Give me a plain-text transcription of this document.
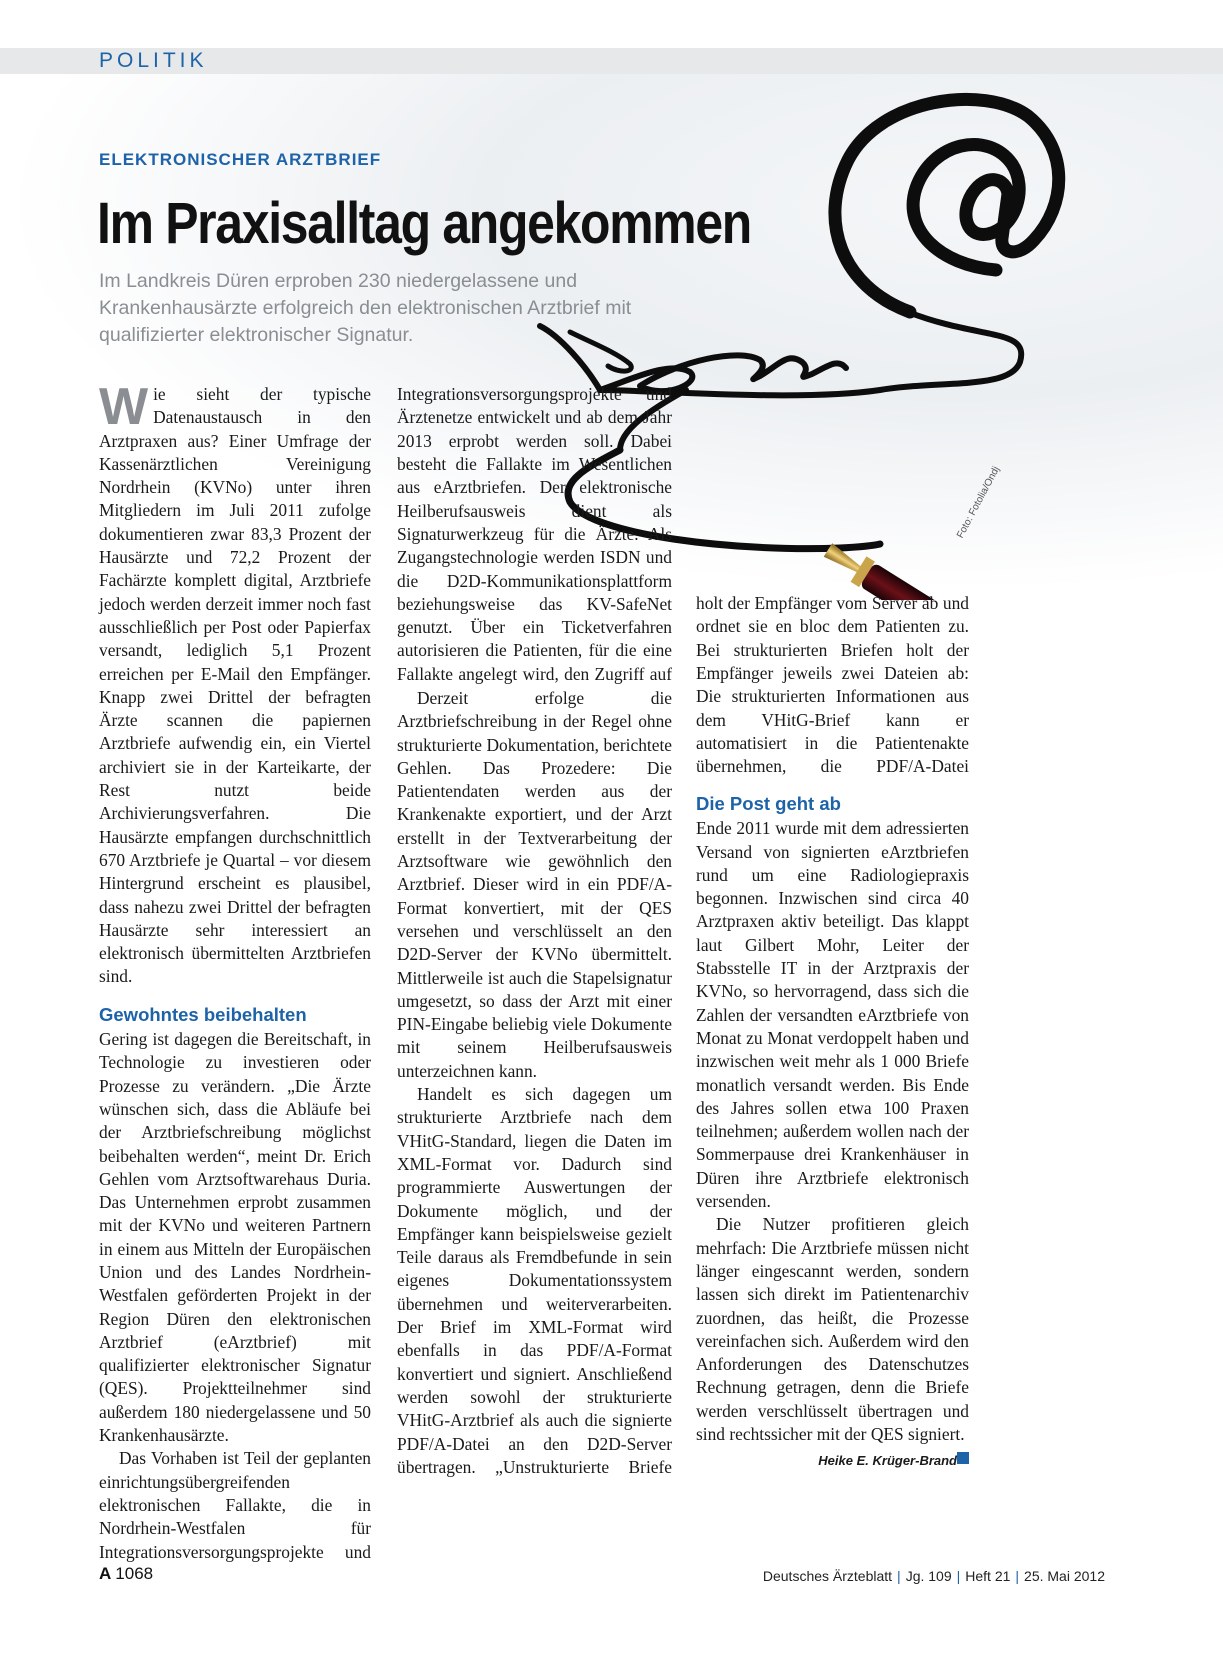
POLITIK
ELEKTRONISCHER ARZTBRIEF
Im Praxisalltag angekommen
Im Landkreis Düren erproben 230 niedergelassene und Krankenhausärzte erfolgreich den elektronischen Arztbrief mit qualifizierter elektronischer Signatur.
Foto: Fotolia/Ondj

Wie sieht der typische Datenaustausch in den Arztpraxen aus? Einer Umfrage der Kassenärztlichen Vereinigung Nordrhein (KVNo) unter ihren Mitgliedern im Juli 2011 zufolge dokumentieren zwar 83,3 Prozent der Hausärzte und 72,2 Prozent der Fachärzte komplett digital, Arztbriefe jedoch werden derzeit immer noch fast ausschließlich per Post oder Papierfax versandt, lediglich 5,1 Prozent erreichen per E-Mail den Empfänger. Knapp zwei Drittel der befragten Ärzte scannen die papiernen Arztbriefe aufwendig ein, ein Viertel archiviert sie in der Karteikarte, der Rest nutzt beide Archivierungsverfahren. Die Hausärzte empfangen durchschnittlich 670 Arztbriefe je Quartal – vor diesem Hintergrund erscheint es plausibel, dass nahezu zwei Drittel der befragten Hausärzte sehr interessiert an elektronisch übermittelten Arztbriefen sind.

Gewohntes beibehalten

Gering ist dagegen die Bereitschaft, in Technologie zu investieren oder Prozesse zu verändern. „Die Ärzte wünschen sich, dass die Abläufe bei der Arztbriefschreibung möglichst beibehalten werden“, meint Dr. Erich Gehlen vom Arztsoftwarehaus Duria. Das Unternehmen erprobt zusammen mit der KVNo und weiteren Partnern in einem aus Mitteln der Europäischen Union und des Landes Nordrhein-Westfalen geförderten Projekt in der Region Düren den elektronischen Arztbrief (eArztbrief) mit qualifizierter elektronischer Signatur (QES). Projektteilnehmer sind außerdem 180 niedergelassene und 50 Krankenhausärzte.

Das Vorhaben ist Teil der geplanten einrichtungsübergreifenden elektronischen Fallakte, die in Nordrhein-Westfalen für Integrationsversorgungsprojekte und

Integrationsversorgungsprojekte und Ärztenetze entwickelt und ab dem Jahr 2013 erprobt werden soll. Dabei besteht die Fallakte im Wesentlichen aus eArztbriefen. Der elektronische Heilberufsausweis dient als Signaturwerkzeug für die Ärzte. Als Zugangstechnologie werden ISDN und die D2D-Kommunikationsplattform beziehungsweise das KV-SafeNet genutzt. Über ein Ticketverfahren autorisieren die Patienten, für die eine Fallakte angelegt wird, den Zugriff auf

Derzeit erfolge die Arztbriefschreibung in der Regel ohne strukturierte Dokumentation, berichtete Gehlen. Das Prozedere: Die Patientendaten werden aus der Krankenakte exportiert, und der Arzt erstellt in der Textverarbeitung der Arztsoftware wie gewöhnlich den Arztbrief. Dieser wird in ein PDF/A-Format konvertiert, mit der QES versehen und verschlüsselt an den D2D-Server der KVNo übermittelt. Mittlerweile ist auch die Stapelsignatur umgesetzt, so dass der Arzt mit einer PIN-Eingabe beliebig viele Dokumente mit seinem Heilberufsausweis unterzeichnen kann.

Handelt es sich dagegen um strukturierte Arztbriefe nach dem VHitG-Standard, liegen die Daten im XML-Format vor. Dadurch sind programmierte Auswertungen der Dokumente möglich, und der Empfänger kann beispielsweise gezielt Teile daraus als Fremdbefunde in sein eigenes Dokumentationssystem übernehmen und weiterverarbeiten. Der Brief im XML-Format wird ebenfalls in das PDF/A-Format konvertiert und signiert. Anschließend werden sowohl der strukturierte VHitG-Arztbrief als auch die signierte PDF/A-Datei an den D2D-Server übertragen. „Unstrukturierte Briefe

holt der Empfänger vom Server ab und ordnet sie en bloc dem Patienten zu. Bei strukturierten Briefen holt der Empfänger jeweils zwei Dateien ab: Die strukturierten Informationen aus dem VHitG-Brief kann er automatisiert in die Patientenakte übernehmen, die PDF/A-Datei

Die Post geht ab

Ende 2011 wurde mit dem adressierten Versand von signierten eArztbriefen rund um eine Radiologiepraxis begonnen. Inzwischen sind circa 40 Arztpraxen aktiv beteiligt. Das klappt laut Gilbert Mohr, Leiter der Stabsstelle IT in der Arztpraxis der KVNo, so hervorragend, dass sich die Zahlen der versandten eArztbriefe von Monat zu Monat verdoppelt haben und inzwischen weit mehr als 1 000 Briefe monatlich versandt werden. Bis Ende des Jahres sollen etwa 100 Praxen teilnehmen; außerdem wollen nach der Sommerpause drei Krankenhäuser in Düren ihre Arztbriefe elektronisch versenden.

Die Nutzer profitieren gleich mehrfach: Die Arztbriefe müssen nicht länger eingescannt werden, sondern lassen sich direkt im Patientenarchiv zuordnen, das heißt, die Prozesse vereinfachen sich. Außerdem wird den Anforderungen des Datenschutzes Rechnung getragen, denn die Briefe werden verschlüsselt übertragen und sind rechtssicher mit der QES signiert.

Heike E. Krüger-Brand

A 1068	Deutsches Ärzteblatt | Jg. 109 | Heft 21 | 25. Mai 2012
